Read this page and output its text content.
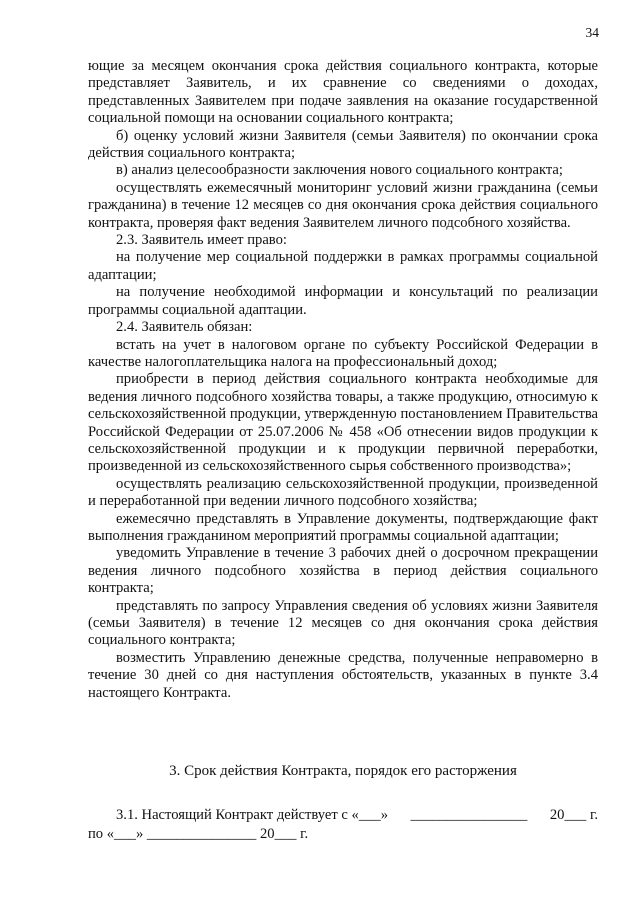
34

ющие за месяцем окончания срока действия социального контракта, которые представляет Заявитель, и их сравнение со сведениями о доходах, представленных Заявителем при подаче заявления на оказание государственной социальной помощи на основании социального контракта;

б) оценку условий жизни Заявителя (семьи Заявителя) по окончании срока действия социального контракта;

в) анализ целесообразности заключения нового социального контракта;

осуществлять ежемесячный мониторинг условий жизни гражданина (семьи гражданина) в течение 12 месяцев со дня окончания срока действия социального контракта, проверяя факт ведения Заявителем личного подсобного хозяйства.

2.3. Заявитель имеет право:

на получение мер социальной поддержки в рамках программы социальной адаптации;

на получение необходимой информации и консультаций по реализации программы социальной адаптации.

2.4. Заявитель обязан:

встать на учет в налоговом органе по субъекту Российской Федерации в качестве налогоплательщика налога на профессиональный доход;

приобрести в период действия социального контракта необходимые для ведения личного подсобного хозяйства товары, а также продукцию, относимую к сельскохозяйственной продукции, утвержденную постановлением Правительства Российской Федерации от 25.07.2006 № 458 «Об отнесении видов продукции к сельскохозяйственной продукции и к продукции первичной переработки, произведенной из сельскохозяйственного сырья собственного производства»;

осуществлять реализацию сельскохозяйственной продукции, произведенной и переработанной при ведении личного подсобного хозяйства;

ежемесячно представлять в Управление документы, подтверждающие факт выполнения гражданином мероприятий программы социальной адаптации;

уведомить Управление в течение 3 рабочих дней о досрочном прекращении ведения личного подсобного хозяйства в период действия социального контракта;

представлять по запросу Управления сведения об условиях жизни Заявителя (семьи Заявителя) в течение 12 месяцев со дня окончания срока действия социального контракта;

возместить Управлению денежные средства, полученные неправомерно в течение 30 дней со дня наступления обстоятельств, указанных в пункте 3.4 настоящего Контракта.

3. Срок действия Контракта, порядок его расторжения
3.1. Настоящий Контракт действует с «___» ________________ 20___ г.
по «___» _______________ 20___ г.
